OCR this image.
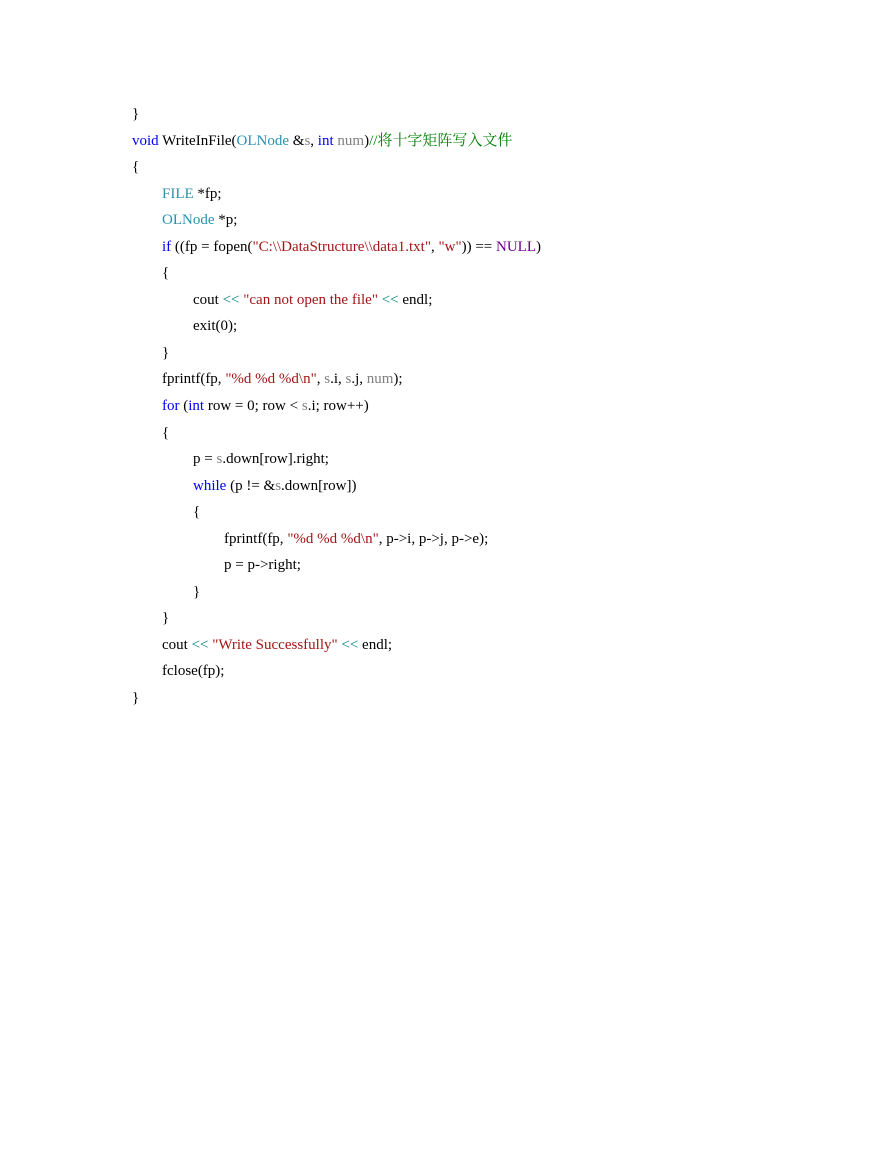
}
void WriteInFile(OLNode &s, int num)//将十字矩阵写入文件
{
FILE *fp;
OLNode *p;
if ((fp = fopen("C:\\DataStructure\\data1.txt", "w")) == NULL)
{
cout << "can not open the file" << endl;
exit(0);
}
fprintf(fp, "%d %d %d\n", s.i, s.j, num);
for (int row = 0; row < s.i; row++)
{
p = s.down[row].right;
while (p != &s.down[row])
{
fprintf(fp, "%d %d %d\n", p->i, p->j, p->e);
p = p->right;
}
}
cout << "Write Successfully" << endl;
fclose(fp);
}
